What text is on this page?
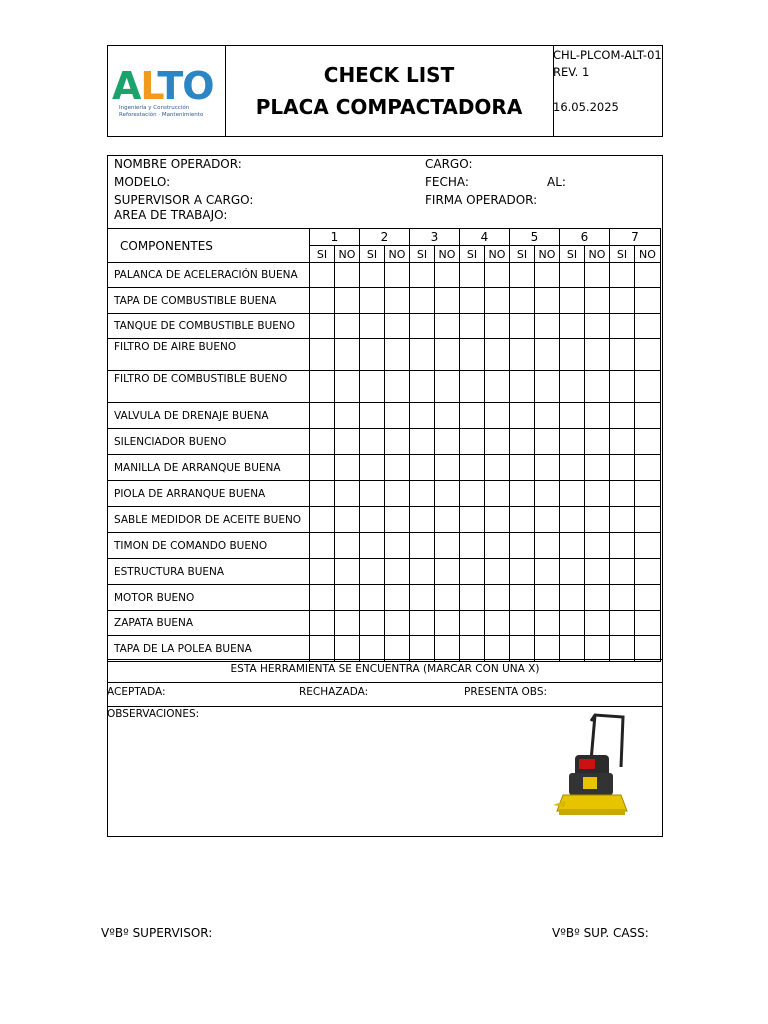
ALTO
Ingeniería y Construcción
Reforestación · Mantenimiento
CHECK LIST
PLACA COMPACTADORA
CHL-PLCOM-ALT-01
REV. 1
16.05.2025
NOMBRE OPERADOR:	CARGO:
MODELO:	FECHA:	AL:
SUPERVISOR A CARGO:	FIRMA OPERADOR:
AREA DE TRABAJO:
COMPONENTES	1		2		3		4		5		6		7	
	SI	NO	SI	NO	SI	NO	SI	NO	SI	NO	SI	NO	SI	NO
PALANCA DE ACELERACIÓN BUENA														
TAPA DE COMBUSTIBLE BUENA														
TANQUE DE COMBUSTIBLE BUENO														
FILTRO DE AIRE BUENO														
FILTRO DE COMBUSTIBLE BUENO														
VALVULA DE DRENAJE BUENA														
SILENCIADOR BUENO														
MANILLA DE ARRANQUE BUENA														
PIOLA DE ARRANQUE BUENA														
SABLE MEDIDOR DE ACEITE BUENO														
TIMON DE COMANDO BUENO														
ESTRUCTURA BUENA														
MOTOR BUENO														
ZAPATA BUENA														
TAPA DE LA POLEA BUENA														
ESTA HERRAMIENTA SE ENCUENTRA (MARCAR CON UNA X)
ACEPTADA:	RECHAZADA:	PRESENTA OBS:
OBSERVACIONES:
VºBº SUPERVISOR:	VºBº SUP. CASS:
